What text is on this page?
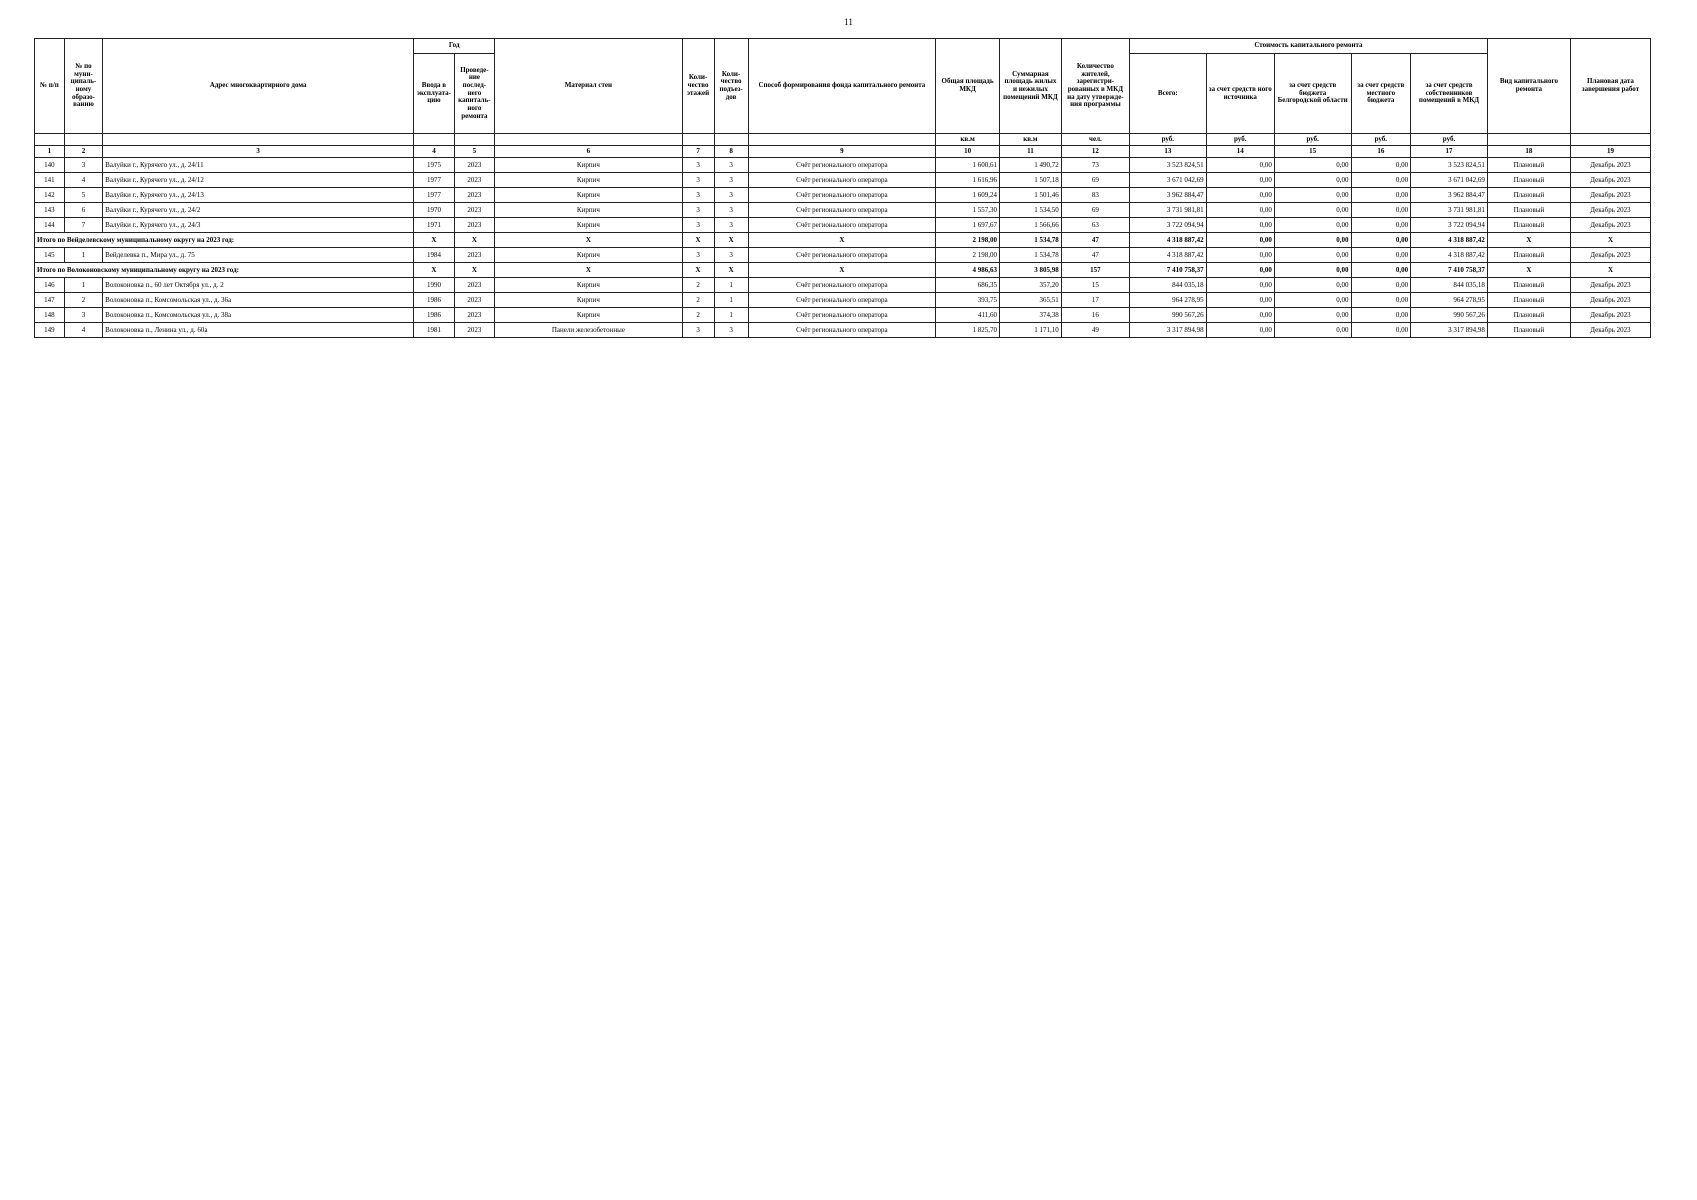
11
№ п/п	№ по муни-ципаль-ному образо-ванию	Адрес многоквартирного дома	Год		Материал стен	Коли-чество этажей	Коли-чество подъез-дов	Способ формирования фонда капитального ремонта	Общая площадь МКД	Суммарная площадь жилых и нежилых помещений МКД	Количество жителей, зарегистри-рованных в МКД на дату утвержде-ния программы	Стоимость капитального ремонта					Вид капитального ремонта	Плановая дата завершения работ
			Ввода в эксплуата-цию	Проведе-ние послед-него капиталь-ного ремонта								Всего:	за счет средств ного источника	за счет средств бюджета Белгородской области	за счет средств местного бюджета	за счет средств собственников помещений в МКД		
									кв.м	кв.м	чел.	руб.	руб.	руб.	руб.	руб.		
1	2	3	4	5	6	7	8	9	10	11	12	13	14	15	16	17	18	19
140	3	Валуйки г., Курячего ул., д. 24/11	1975	2023	Кирпич	3	3	Счёт регионального оператора	1 600,61	1 490,72	73	3 523 824,51	0,00	0,00	0,00	3 523 824,51	Плановый	Декабрь 2023
141	4	Валуйки г., Курячего ул., д. 24/12	1977	2023	Кирпич	3	3	Счёт регионального оператора	1 616,96	1 507,18	69	3 671 042,69	0,00	0,00	0,00	3 671 042,69	Плановый	Декабрь 2023
142	5	Валуйки г., Курячего ул., д. 24/13	1977	2023	Кирпич	3	3	Счёт регионального оператора	1 609,24	1 501,46	83	3 962 884,47	0,00	0,00	0,00	3 962 884,47	Плановый	Декабрь 2023
143	6	Валуйки г., Курячего ул., д. 24/2	1970	2023	Кирпич	3	3	Счёт регионального оператора	1 557,30	1 534,50	69	3 731 981,81	0,00	0,00	0,00	3 731 981,81	Плановый	Декабрь 2023
144	7	Валуйки г., Курячего ул., д. 24/3	1971	2023	Кирпич	3	3	Счёт регионального оператора	1 697,67	1 566,66	63	3 722 094,94	0,00	0,00	0,00	3 722 094,94	Плановый	Декабрь 2023
Итого по Вейделевскому муниципальному округу на 2023 год:			X	X	X	X	X	X	2 198,00	1 534,78	47	4 318 887,42	0,00	0,00	0,00	4 318 887,42	X	X
145	1	Вейделевка п., Мира ул., д. 75	1984	2023	Кирпич	3	3	Счёт регионального оператора	2 198,00	1 534,78	47	4 318 887,42	0,00	0,00	0,00	4 318 887,42	Плановый	Декабрь 2023
Итого по Волоконовскому муниципальному округу на 2023 год:			X	X	X	X	X	X	4 986,63	3 805,98	157	7 410 758,37	0,00	0,00	0,00	7 410 758,37	X	X
146	1	Волоконовка п., 60 лет Октября ул., д. 2	1990	2023	Кирпич	2	1	Счёт регионального оператора	686,35	357,20	15	844 035,18	0,00	0,00	0,00	844 035,18	Плановый	Декабрь 2023
147	2	Волоконовка п., Комсомольская ул., д. 36а	1986	2023	Кирпич	2	1	Счёт регионального оператора	393,75	365,51	17	964 278,95	0,00	0,00	0,00	964 278,95	Плановый	Декабрь 2023
148	3	Волоконовка п., Комсомольская ул., д. 38а	1986	2023	Кирпич	2	1	Счёт регионального оператора	411,60	374,38	16	990 567,26	0,00	0,00	0,00	990 567,26	Плановый	Декабрь 2023
149	4	Волоконовка п., Ленина ул., д. 60а	1981	2023	Панели железобетонные	3	3	Счёт регионального оператора	1 825,70	1 171,10	49	3 317 894,98	0,00	0,00	0,00	3 317 894,98	Плановый	Декабрь 2023
